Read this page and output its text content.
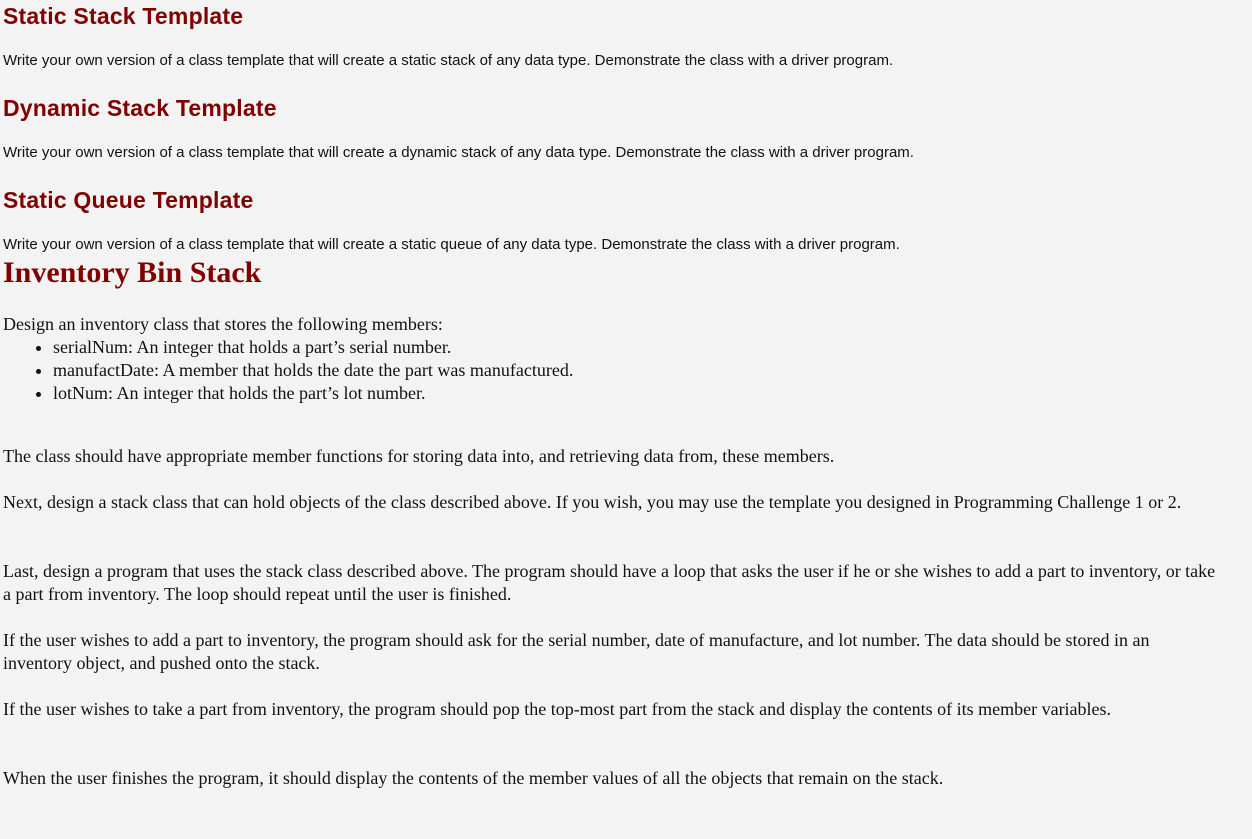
Static Stack Template

Write your own version of a class template that will create a static stack of any data type. Demonstrate the class with a driver program.

Dynamic Stack Template

Write your own version of a class template that will create a dynamic stack of any data type. Demonstrate the class with a driver program.

Static Queue Template

Write your own version of a class template that will create a static queue of any data type. Demonstrate the class with a driver program.

Inventory Bin Stack

Design an inventory class that stores the following members:

• serialNum: An integer that holds a part’s serial number.
• manufactDate: A member that holds the date the part was manufactured.
• lotNum: An integer that holds the part’s lot number.

The class should have appropriate member functions for storing data into, and retrieving data from, these members.

Next, design a stack class that can hold objects of the class described above. If you wish, you may use the template you designed in Programming Challenge 1 or 2.

Last, design a program that uses the stack class described above. The program should have a loop that asks the user if he or she wishes to add a part to inventory, or take a part from inventory. The loop should repeat until the user is finished.

If the user wishes to add a part to inventory, the program should ask for the serial number, date of manufacture, and lot number. The data should be stored in an inventory object, and pushed onto the stack.

If the user wishes to take a part from inventory, the program should pop the top-most part from the stack and display the contents of its member variables.

When the user finishes the program, it should display the contents of the member values of all the objects that remain on the stack.
